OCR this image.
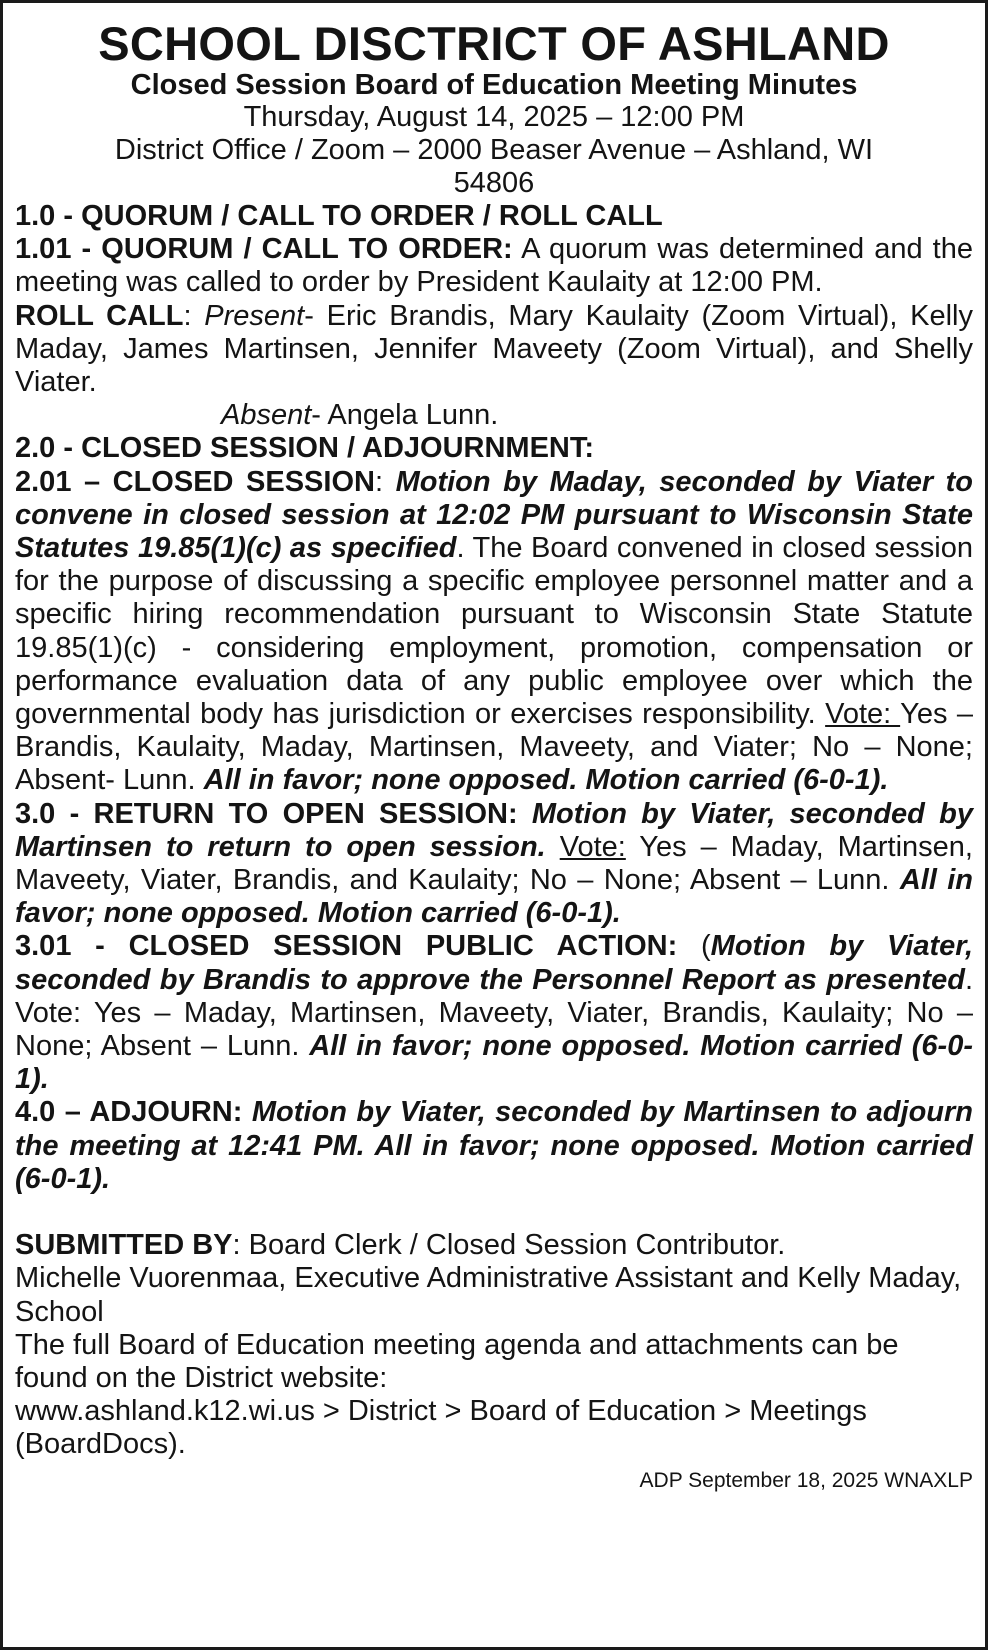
SCHOOL DISCTRICT OF ASHLAND
Closed Session Board of Education Meeting Minutes
Thursday, August 14, 2025 – 12:00 PM
District Office / Zoom – 2000 Beaser Avenue – Ashland, WI
54806

1.0 - QUORUM / CALL TO ORDER / ROLL CALL

1.01 - QUORUM / CALL TO ORDER: A quorum was determined and the meeting was called to order by President Kaulaity at 12:00 PM.

ROLL CALL: Present- Eric Brandis, Mary Kaulaity (Zoom Virtual), Kelly Maday, James Martinsen, Jennifer Maveety (Zoom Virtual), and Shelly Viater.

Absent- Angela Lunn.

2.0 - CLOSED SESSION / ADJOURNMENT:

2.01 – CLOSED SESSION: Motion by Maday, seconded by Viater to convene in closed session at 12:02 PM pursuant to Wisconsin State Statutes 19.85(1)(c) as specified. The Board convened in closed session for the purpose of discussing a specific employee personnel matter and a specific hiring recommendation pursuant to Wisconsin State Statute 19.85(1)(c) - considering employment, promotion, compensation or performance evaluation data of any public employee over which the governmental body has jurisdiction or exercises responsibility. Vote: Yes – Brandis, Kaulaity, Maday, Martinsen, Maveety, and Viater; No – None; Absent- Lunn. All in favor; none opposed. Motion carried (6-0-1).

3.0 - RETURN TO OPEN SESSION: Motion by Viater, seconded by Martinsen to return to open session. Vote: Yes – Maday, Martinsen, Maveety, Viater, Brandis, and Kaulaity; No – None; Absent – Lunn. All in favor; none opposed. Motion carried (6-0-1).

3.01 - CLOSED SESSION PUBLIC ACTION: (Motion by Viater, seconded by Brandis to approve the Personnel Report as presented. Vote: Yes – Maday, Martinsen, Maveety, Viater, Brandis, Kaulaity; No – None; Absent – Lunn. All in favor; none opposed. Motion carried (6-0-1).

4.0 – ADJOURN: Motion by Viater, seconded by Martinsen to adjourn the meeting at 12:41 PM. All in favor; none opposed. Motion carried (6-0-1).

SUBMITTED BY: Board Clerk / Closed Session Contributor.

Michelle Vuorenmaa, Executive Administrative Assistant and Kelly Maday, School

The full Board of Education meeting agenda and attachments can be found on the District website:

www.ashland.k12.wi.us > District > Board of Education > Meetings (BoardDocs).

ADP September 18, 2025 WNAXLP
